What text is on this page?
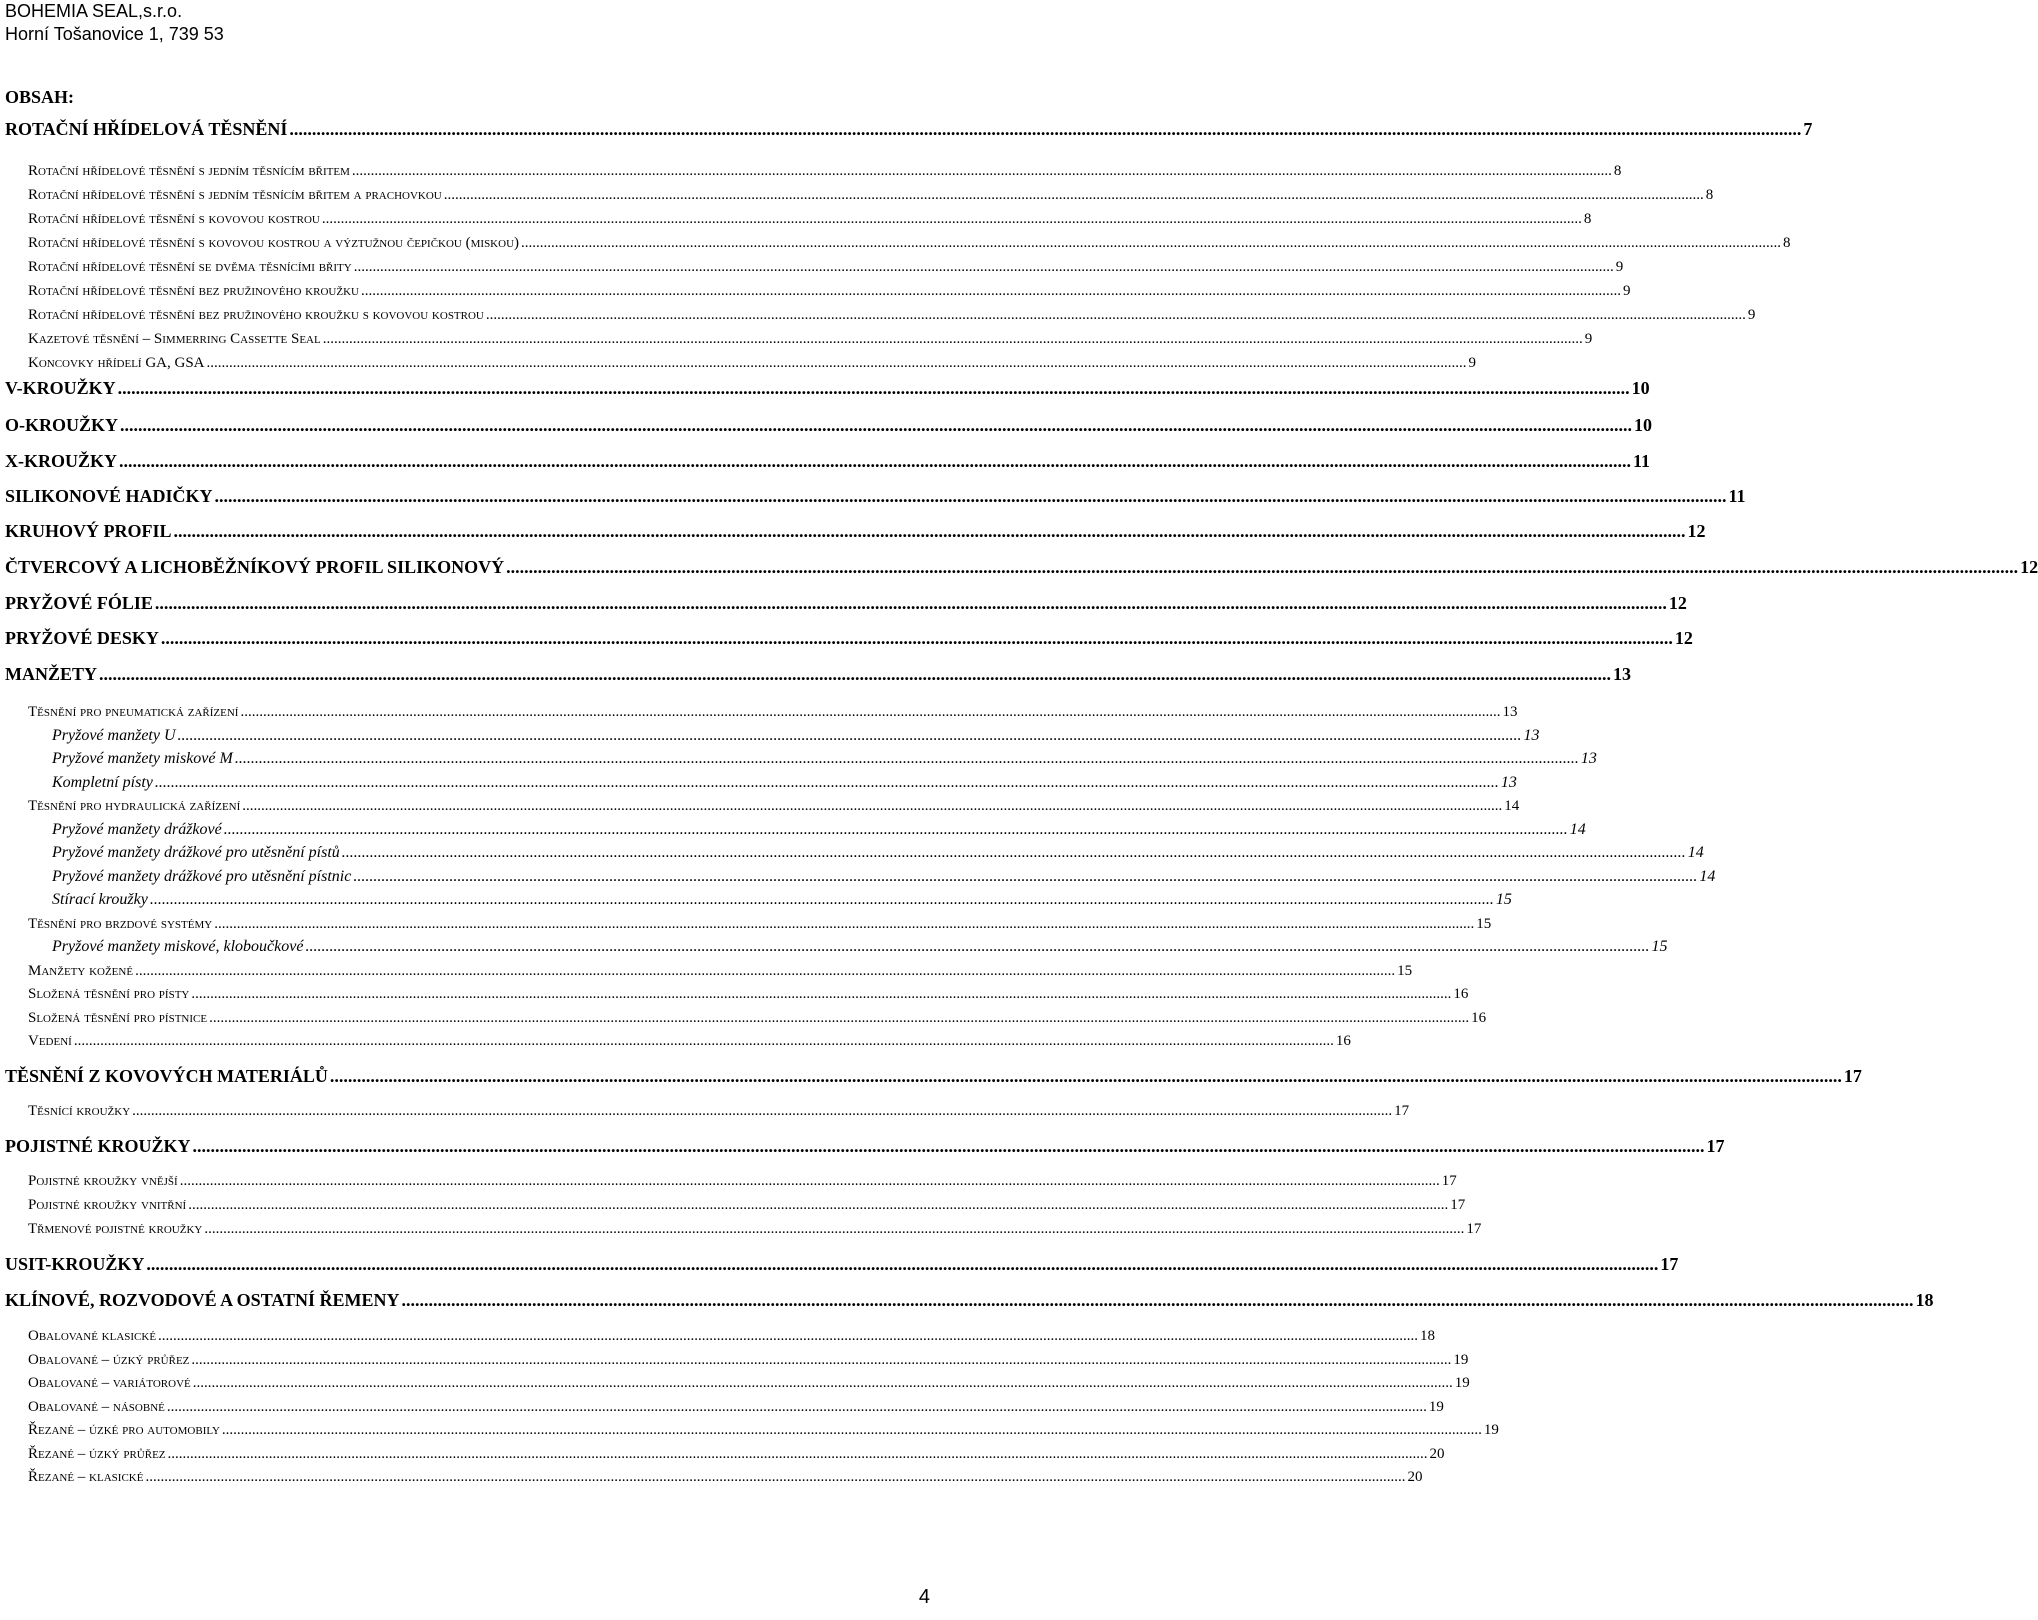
BOHEMIA SEAL,s.r.o.
Horní Tošanovice 1, 739 53
OBSAH:
ROTAČNÍ HŘÍDELOVÁ TĚSNĚNÍ .....	7
Rotační hřídelové těsnění s jedním těsnícím břitem .....	8
Rotační hřídelové těsnění s jedním těsnícím břitem a prachovkou .....	8
Rotační hřídelové těsnění s kovovou kostrou .....	8
Rotační hřídelové těsnění s kovovou kostrou a výztužnou čepičkou (miskou) .....	8
Rotační hřídelové těsnění se dvěma těsnícími břity .....	9
Rotační hřídelové těsnění bez pružinového kroužku .....	9
Rotační hřídelové těsnění bez pružinového kroužku s kovovou kostrou .....	9
Kazetové těsnění – Simmerring Cassette Seal .....	9
Koncovky hřídelí GA, GSA .....	9
V-KROUŽKY .....	10
O-KROUŽKY .....	10
X-KROUŽKY .....	11
SILIKONOVÉ HADIČKY .....	11
KRUHOVÝ PROFIL .....	12
ČTVERCOVÝ A LICHOBĚŽNÍKOVÝ PROFIL SILIKONOVÝ .....	12
PRYŽOVÉ FÓLIE .....	12
PRYŽOVÉ DESKY .....	12
MANŽETY .....	13
Těsnění pro pneumatická zařízení .....	13
Pryžové manžety U .....	13
Pryžové manžety miskové M .....	13
Kompletní písty .....	13
Těsnění pro hydraulická zařízení .....	14
Pryžové manžety drážkové .....	14
Pryžové manžety drážkové pro utěsnění pístů .....	14
Pryžové manžety drážkové pro utěsnění pístnic .....	14
Stírací kroužky .....	15
Těsnění pro brzdové systémy .....	15
Pryžové manžety miskové, kloboučkové .....	15
Manžety kožené .....	15
Složená těsnění pro písty .....	16
Složená těsnění pro pístnice .....	16
Vedení .....	16
TĚSNĚNÍ Z KOVOVÝCH MATERIÁLŮ .....	17
Těsnící kroužky .....	17
POJISTNÉ KROUŽKY .....	17
Pojistné kroužky vnější .....	17
Pojistné kroužky vnitřní .....	17
Třmenové pojistné kroužky .....	17
USIT-KROUŽKY .....	17
KLÍNOVÉ, ROZVODOVÉ A OSTATNÍ ŘEMENY .....	18
Obalované klasické .....	18
Obalované – úzký průřez .....	19
Obalované – variátorové .....	19
Obalované – násobné .....	19
Řezané – úzké pro automobily .....	19
Řezané – úzký průřez .....	20
Řezané – klasické .....	20
4
